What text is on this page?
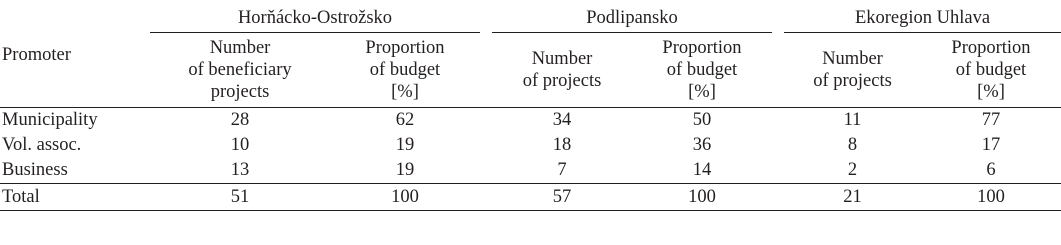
Promoter	Horňácko-Ostrožsko			Podlipansko			Ekoregion Uhlava	

	Number
of beneficiary
projects	Proportion
of budget
[%]		Number
of projects	Proportion
of budget
[%]		Number
of projects	Proportion
of budget
[%]

Municipality	28	62		34	50		11	77
Vol. assoc.	10	19		18	36		8	17
Business	13	19		7	14		2	6
Total	51	100		57	100		21	100
